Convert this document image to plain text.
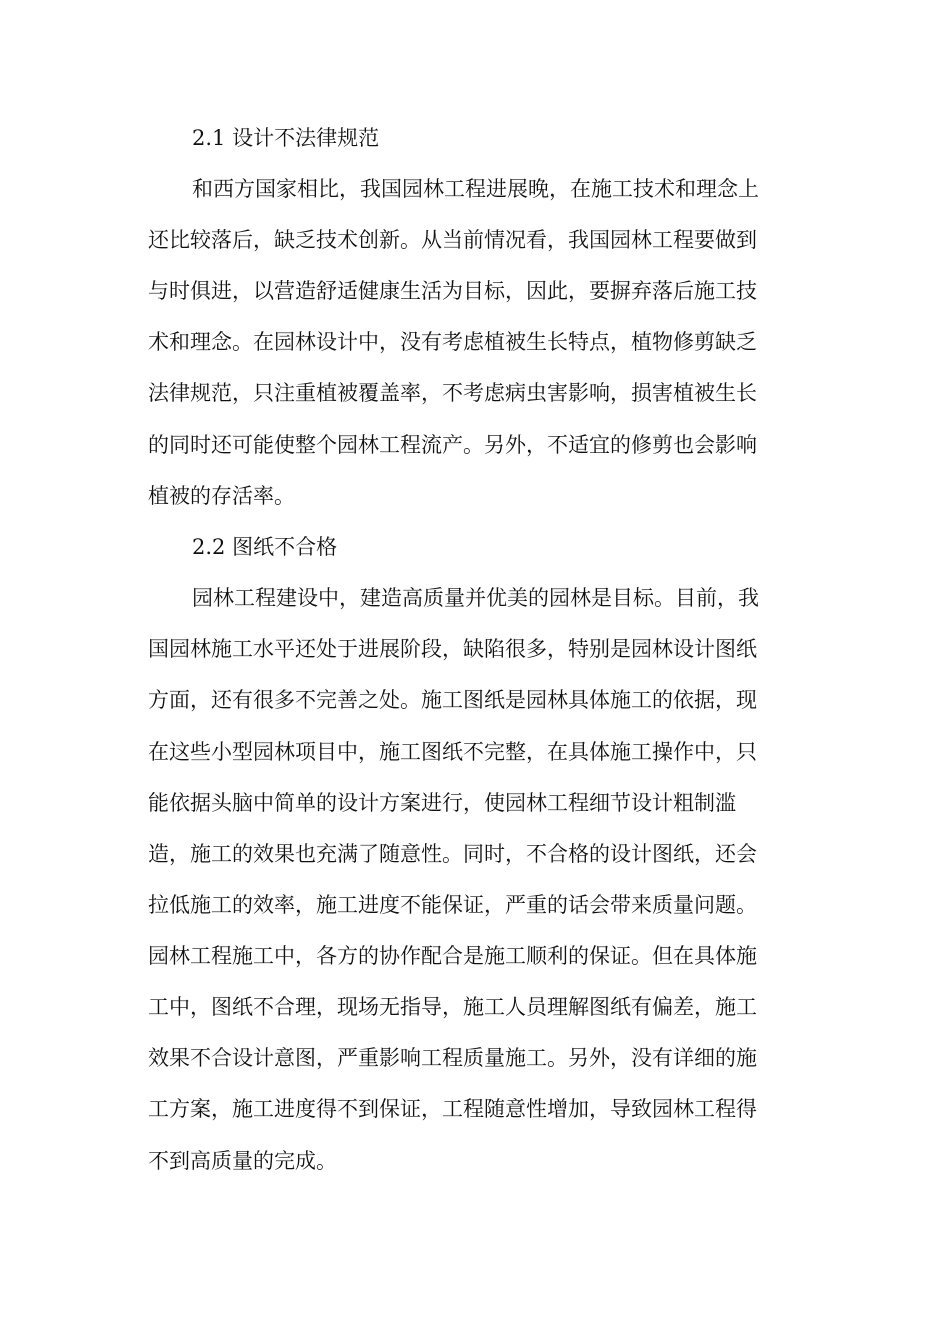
2.1 设计不法律规范

和西方国家相比，我国园林工程进展晚，在施工技术和理念上

还比较落后，缺乏技术创新。从当前情况看，我国园林工程要做到

与时俱进，以营造舒适健康生活为目标，因此，要摒弃落后施工技

术和理念。在园林设计中，没有考虑植被生长特点，植物修剪缺乏

法律规范，只注重植被覆盖率，不考虑病虫害影响，损害植被生长

的同时还可能使整个园林工程流产。另外，不适宜的修剪也会影响

植被的存活率。

2.2 图纸不合格

园林工程建设中，建造高质量并优美的园林是目标。目前，我

国园林施工水平还处于进展阶段，缺陷很多，特别是园林设计图纸

方面，还有很多不完善之处。施工图纸是园林具体施工的依据，现

在这些小型园林项目中，施工图纸不完整，在具体施工操作中，只

能依据头脑中简单的设计方案进行，使园林工程细节设计粗制滥

造，施工的效果也充满了随意性。同时，不合格的设计图纸，还会

拉低施工的效率，施工进度不能保证，严重的话会带来质量问题。

园林工程施工中，各方的协作配合是施工顺利的保证。但在具体施

工中，图纸不合理，现场无指导，施工人员理解图纸有偏差，施工

效果不合设计意图，严重影响工程质量施工。另外，没有详细的施

工方案，施工进度得不到保证，工程随意性增加，导致园林工程得

不到高质量的完成。
